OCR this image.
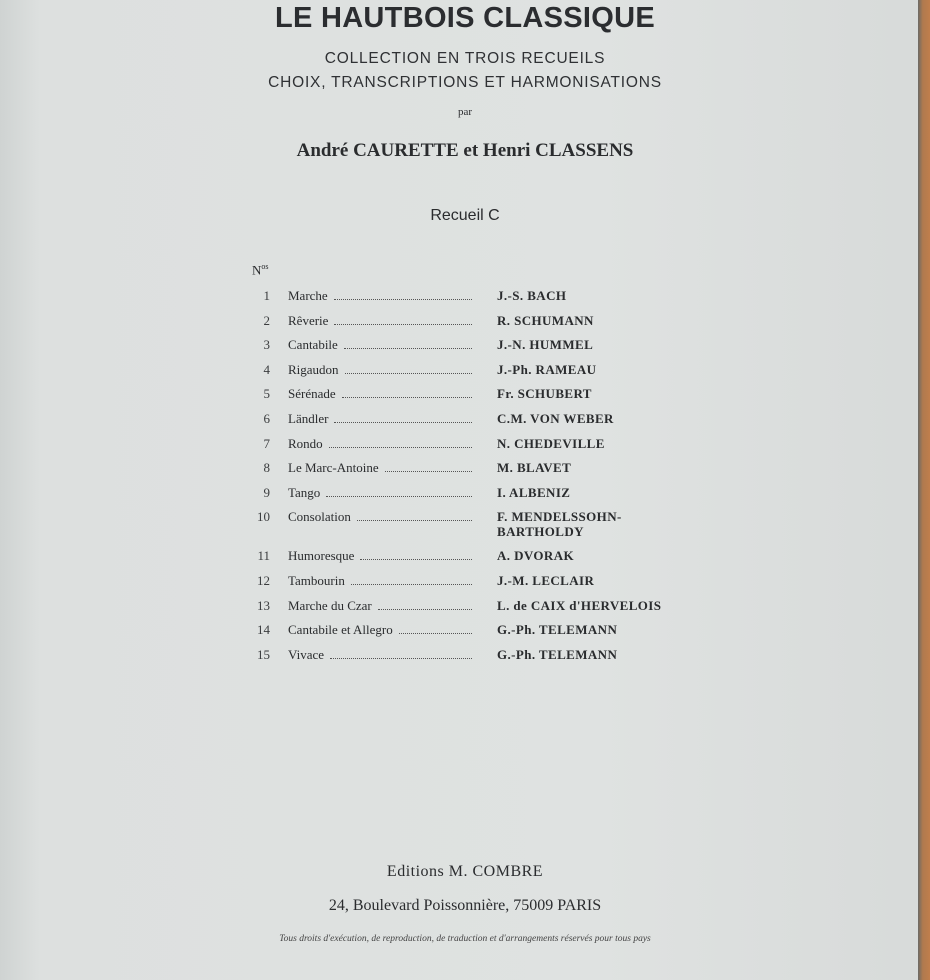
LE HAUTBOIS CLASSIQUE
COLLECTION EN TROIS RECUEILS
CHOIX, TRANSCRIPTIONS ET HARMONISATIONS
par
André CAURETTE et Henri CLASSENS
Recueil C
$N^{os}$
1 Marche	J.-S. BACH
2 Rêverie	R. SCHUMANN
3 Cantabile	J.-N. HUMMEL
4 Rigaudon	J.-Ph. RAMEAU
5 Sérénade	Fr. SCHUBERT
6 Ländler	C.M. VON WEBER
7 Rondo	N. CHEDEVILLE
8 Le Marc-Antoine	M. BLAVET
9 Tango	I. ALBENIZ
10 Consolation	F. MENDELSSOHN-
BARTHOLDY
11 Humoresque	A. DVORAK
12 Tambourin	J.-M. LECLAIR
13 Marche du Czar	L. de CAIX d'HERVELOIS
14 Cantabile et Allegro	G.-Ph. TELEMANN
15 Vivace	G.-Ph. TELEMANN
Editions M. COMBRE
24, Boulevard Poissonnière, 75009 PARIS
Tous droits d'exécution, de reproduction, de traduction et d'arrangements réservés pour tous pays
